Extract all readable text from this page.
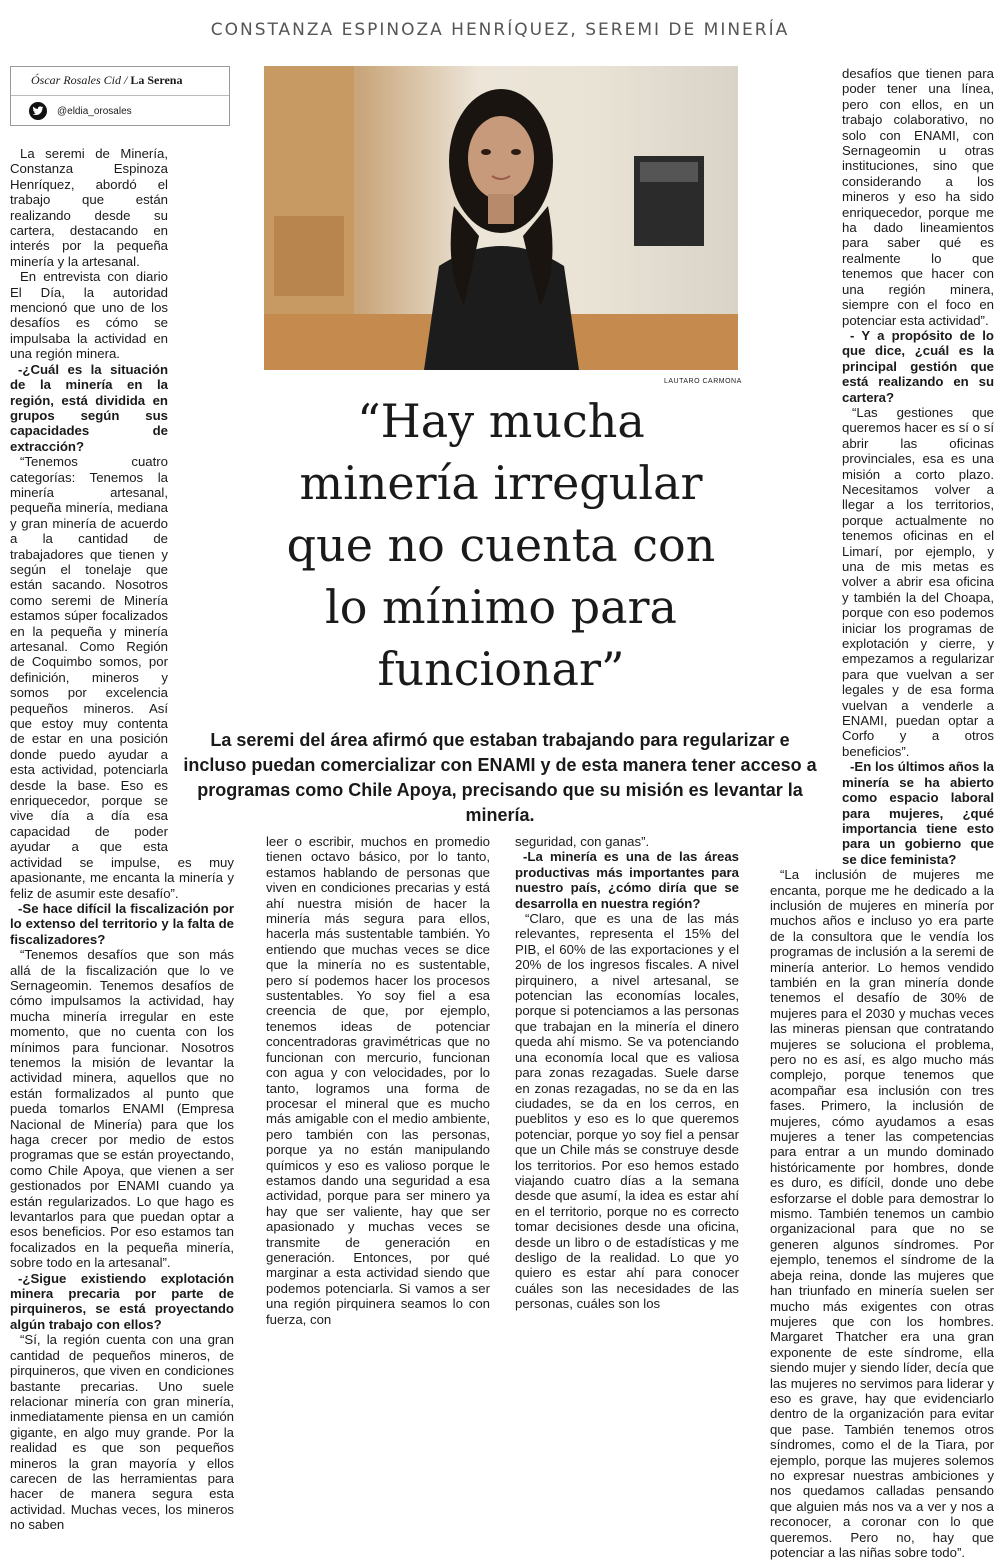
CONSTANZA ESPINOZA HENRÍQUEZ, SEREMI DE MINERÍA
Óscar Rosales Cid / La Serena
@eldia_orosales
LAUTARO CARMONA
“Hay mucha minería irregular que no cuenta con lo mínimo para funcionar”
La seremi del área afirmó que estaban trabajando para regularizar e incluso puedan comercializar con ENAMI y de esta manera tener acceso a programas como Chile Apoya, precisando que su misión es levantar la minería.

La seremi de Minería, Constanza Espinoza Henríquez, abordó el trabajo que están realizando desde su cartera, destacando en interés por la pequeña minería y la artesanal.

En entrevista con diario El Día, la autoridad mencionó que uno de los desafíos es cómo se impulsaba la actividad en una región minera.

-¿Cuál es la situación de la minería en la región, está dividida en grupos según sus capacidades de extracción?

“Tenemos cuatro categorías: Tenemos la minería artesanal, pequeña minería, mediana y gran minería de acuerdo a la cantidad de trabajadores que tienen y según el tonelaje que están sacando. Nosotros como seremi de Minería estamos súper focalizados en la pequeña y minería artesanal. Como Región de Coquimbo somos, por definición, mineros y somos por excelencia pequeños mineros. Así que estoy muy contenta de estar en una posición donde puedo ayudar a esta actividad, potenciarla desde la base. Eso es enriquecedor, porque se vive día a día esa capacidad de poder ayudar a que esta actividad se impulse, es muy apasionante, me encanta la minería y feliz de asumir este desafío”.

-Se hace difícil la fiscalización por lo extenso del territorio y la falta de fiscalizadores?

“Tenemos desafíos que son más allá de la fiscalización que lo ve Sernageomin. Tenemos desafíos de cómo impulsamos la actividad, hay mucha minería irregular en este momento, que no cuenta con los mínimos para funcionar. Nosotros tenemos la misión de levantar la actividad minera, aquellos que no están formalizados al punto que pueda tomarlos ENAMI (Empresa Nacional de Minería) para que los haga crecer por medio de estos programas que se están proyectando, como Chile Apoya, que vienen a ser gestionados por ENAMI cuando ya están regularizados. Lo que hago es levantarlos para que puedan optar a esos beneficios. Por eso estamos tan focalizados en la pequeña minería, sobre todo en la artesanal”.

-¿Sigue existiendo explotación minera precaria por parte de pirquineros, se está proyectando algún trabajo con ellos?

“Sí, la región cuenta con una gran cantidad de pequeños mineros, de pirquineros, que viven en condiciones bastante precarias. Uno suele relacionar minería con gran minería, inmediatamente piensa en un camión gigante, en algo muy grande. Por la realidad es que son pequeños mineros la gran mayoría y ellos carecen de las herramientas para hacer de manera segura esta actividad. Muchas veces, los mineros no saben

leer o escribir, muchos en promedio tienen octavo básico, por lo tanto, estamos hablando de personas que viven en condiciones precarias y está ahí nuestra misión de hacer la minería más segura para ellos, hacerla más sustentable también. Yo entiendo que muchas veces se dice que la minería no es sustentable, pero sí podemos hacer los procesos sustentables. Yo soy fiel a esa creencia de que, por ejemplo, tenemos ideas de potenciar concentradoras gravimétricas que no funcionan con mercurio, funcionan con agua y con velocidades, por lo tanto, logramos una forma de procesar el mineral que es mucho más amigable con el medio ambiente, pero también con las personas, porque ya no están manipulando químicos y eso es valioso porque le estamos dando una seguridad a esa actividad, porque para ser minero ya hay que ser valiente, hay que ser apasionado y muchas veces se transmite de generación en generación. Entonces, por qué marginar a esta actividad siendo que podemos potenciarla. Si vamos a ser una región pirquinera seamos lo con fuerza, con

seguridad, con ganas”.

-La minería es una de las áreas productivas más importantes para nuestro país, ¿cómo diría que se desarrolla en nuestra región?

“Claro, que es una de las más relevantes, representa el 15% del PIB, el 60% de las exportaciones y el 20% de los ingresos fiscales. A nivel pirquinero, a nivel artesanal, se potencian las economías locales, porque si potenciamos a las personas que trabajan en la minería el dinero queda ahí mismo. Se va potenciando una economía local que es valiosa para zonas rezagadas. Suele darse en zonas rezagadas, no se da en las ciudades, se da en los cerros, en pueblitos y eso es lo que queremos potenciar, porque yo soy fiel a pensar que un Chile más se construye desde los territorios. Por eso hemos estado viajando cuatro días a la semana desde que asumí, la idea es estar ahí en el territorio, porque no es correcto tomar decisiones desde una oficina, desde un libro o de estadísticas y me desligo de la realidad. Lo que yo quiero es estar ahí para conocer cuáles son las necesidades de las personas, cuáles son los

desafíos que tienen para poder tener una línea, pero con ellos, en un trabajo colaborativo, no solo con ENAMI, con Sernageomin u otras instituciones, sino que considerando a los mineros y eso ha sido enriquecedor, porque me ha dado lineamientos para saber qué es realmente lo que tenemos que hacer con una región minera, siempre con el foco en potenciar esta actividad”.

- Y a propósito de lo que dice, ¿cuál es la principal gestión que está realizando en su cartera?

“Las gestiones que queremos hacer es sí o sí abrir las oficinas provinciales, esa es una misión a corto plazo. Necesitamos volver a llegar a los territorios, porque actualmente no tenemos oficinas en el Limarí, por ejemplo, y una de mis metas es volver a abrir esa oficina y también la del Choapa, porque con eso podemos iniciar los programas de explotación y cierre, y empezamos a regularizar para que vuelvan a ser legales y de esa forma vuelvan a venderle a ENAMI, puedan optar a Corfo y a otros beneficios”.

-En los últimos años la minería se ha abierto como espacio laboral para mujeres, ¿qué importancia tiene esto para un gobierno que se dice feminista?

“La inclusión de mujeres me encanta, porque me he dedicado a la inclusión de mujeres en minería por muchos años e incluso yo era parte de la consultora que le vendía los programas de inclusión a la seremi de minería anterior. Lo hemos vendido también en la gran minería donde tenemos el desafío de 30% de mujeres para el 2030 y muchas veces las mineras piensan que contratando mujeres se soluciona el problema, pero no es así, es algo mucho más complejo, porque tenemos que acompañar esa inclusión con tres fases. Primero, la inclusión de mujeres, cómo ayudamos a esas mujeres a tener las competencias para entrar a un mundo dominado históricamente por hombres, donde es duro, es difícil, donde uno debe esforzarse el doble para demostrar lo mismo. También tenemos un cambio organizacional para que no se generen algunos síndromes. Por ejemplo, tenemos el síndrome de la abeja reina, donde las mujeres que han triunfado en minería suelen ser mucho más exigentes con otras mujeres que con los hombres. Margaret Thatcher era una gran exponente de este síndrome, ella siendo mujer y siendo líder, decía que las mujeres no servimos para liderar y eso es grave, hay que evidenciarlo dentro de la organización para evitar que pase. También tenemos otros síndromes, como el de la Tiara, por ejemplo, porque las mujeres solemos no expresar nuestras ambiciones y nos quedamos calladas pensando que alguien más nos va a ver y nos a reconocer, a coronar con lo que queremos. Pero no, hay que potenciar a las niñas sobre todo”.
